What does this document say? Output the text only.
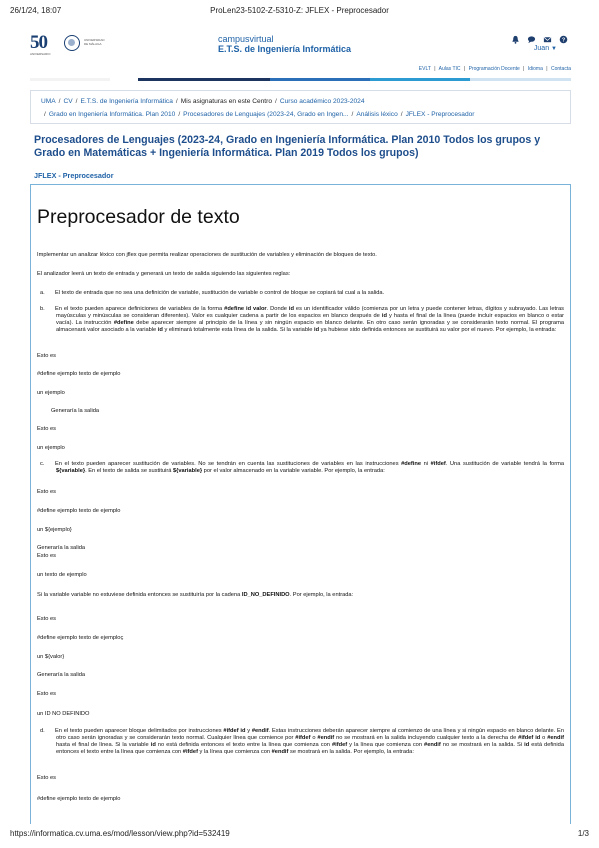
26/1/24, 18:07	ProLen23-5102-Z-5310-Z: JFLEX - Preprocesador
50
ANIVERSARIO
UNIVERSIDAD DE MÁLAGA	campusvirtual
E.T.S. de Ingeniería Informática
?
Juan ▼
EVLT | Aulas TIC | Programación Docente | Idioma | Contacta
UMA / CV / E.T.S. de Ingeniería Informática / Mis asignaturas en este Centro / Curso académico 2023-2024
/ Grado en Ingeniería Informática. Plan 2010 / Procesadores de Lenguajes (2023-24, Grado en Ingen... / Análisis léxico / JFLEX - Preprocesador
Procesadores de Lenguajes (2023-24, Grado en Ingeniería Informática. Plan 2010 Todos los grupos y Grado en Matemáticas + Ingeniería Informática. Plan 2019 Todos los grupos)
JFLEX - Preprocesador
Preprocesador de texto
Implementar un analizar léxico con jflex que permita realizar operaciones de sustitución de variables y eliminación de bloques de texto.
El analizador leerá un texto de entrada y generará un texto de salida siguiendo las siguientes reglas:
a. El texto de entrada que no sea una definición de variable, sustitución de variable o control de bloque se copiará tal cual a la salida.
b. En el texto pueden aparece definiciones de variables de la forma #define id valor. Donde id es un identificador válido (comienza por un letra y puede contener letras, dígitos y subrayado. Las letras mayúsculas y minúsculas se consideran diferentes). Valor es cualquier cadena a partir de los espacios en blanco después de id y hasta el final de la línea (puede incluir espacios en blanco o estar vacía). La instrucción #define debe aparecer siempre al principio de la línea y sin ningún espacio en blanco delante. En otro caso serán ignoradas y se considerarán texto normal. El programa almacenará valor asociado a la variable id y eliminará totalmente esta línea de la salida. Si la variable id ya hubiese sido definida entonces se sustituirá su valor por el nuevo. Por ejemplo, la entrada:
Esto es
#define ejemplo texto de ejemplo
un ejemplo
Generaría la salida
Esto es
un ejemplo
c. En el texto pueden aparecer sustitución de variables. No se tendrán en cuenta las sustituciones de variables en las instrucciones #define ni #ifdef. Una sustitución de variable tendrá la forma ${variable}. En el texto de salida se sustituirá ${variable} por el valor almacenado en la variable variable. Por ejemplo, la entrada:
Esto es
#define ejemplo texto de ejemplo
un ${ejemplo}
Generaría la salida
Esto es
un texto de ejemplo
Si la variable variable no estuviese definida entonces se sustituiría por la cadena ID_NO_DEFINIDO. Por ejemplo, la entrada:
Esto es
#define ejemplo texto de ejemploç
un ${valor}
Generaría la salida
Esto es
un ID NO DEFINIDO
d. En el texto pueden aparecer bloque delimitados por instrucciones #ifdef id y #endif. Estas instrucciones deberán aparecer siempre al comienzo de una línea y si ningún espacio en blanco delante. En otro caso serán ignoradas y se considerarán texto normal. Cualquier línea que comience por #ifdef o #endif no se mostrará en la salida incluyendo cualquier texto a la derecha de #ifdef id o #endif hasta el final de línea. Si la variable id no está definida entonces el texto entre la línea que comienza con #ifdef y la línea que comienza con #endif no se mostrará en la salida. Si id está definida entonces el texto entre la línea que comienza con #ifdef y la línea que comienza con #endif se mostrará en la salida. Por ejemplo, la entrada:
Esto es
#define ejemplo texto de ejemplo
https://informatica.cv.uma.es/mod/lesson/view.php?id=532419	1/3
